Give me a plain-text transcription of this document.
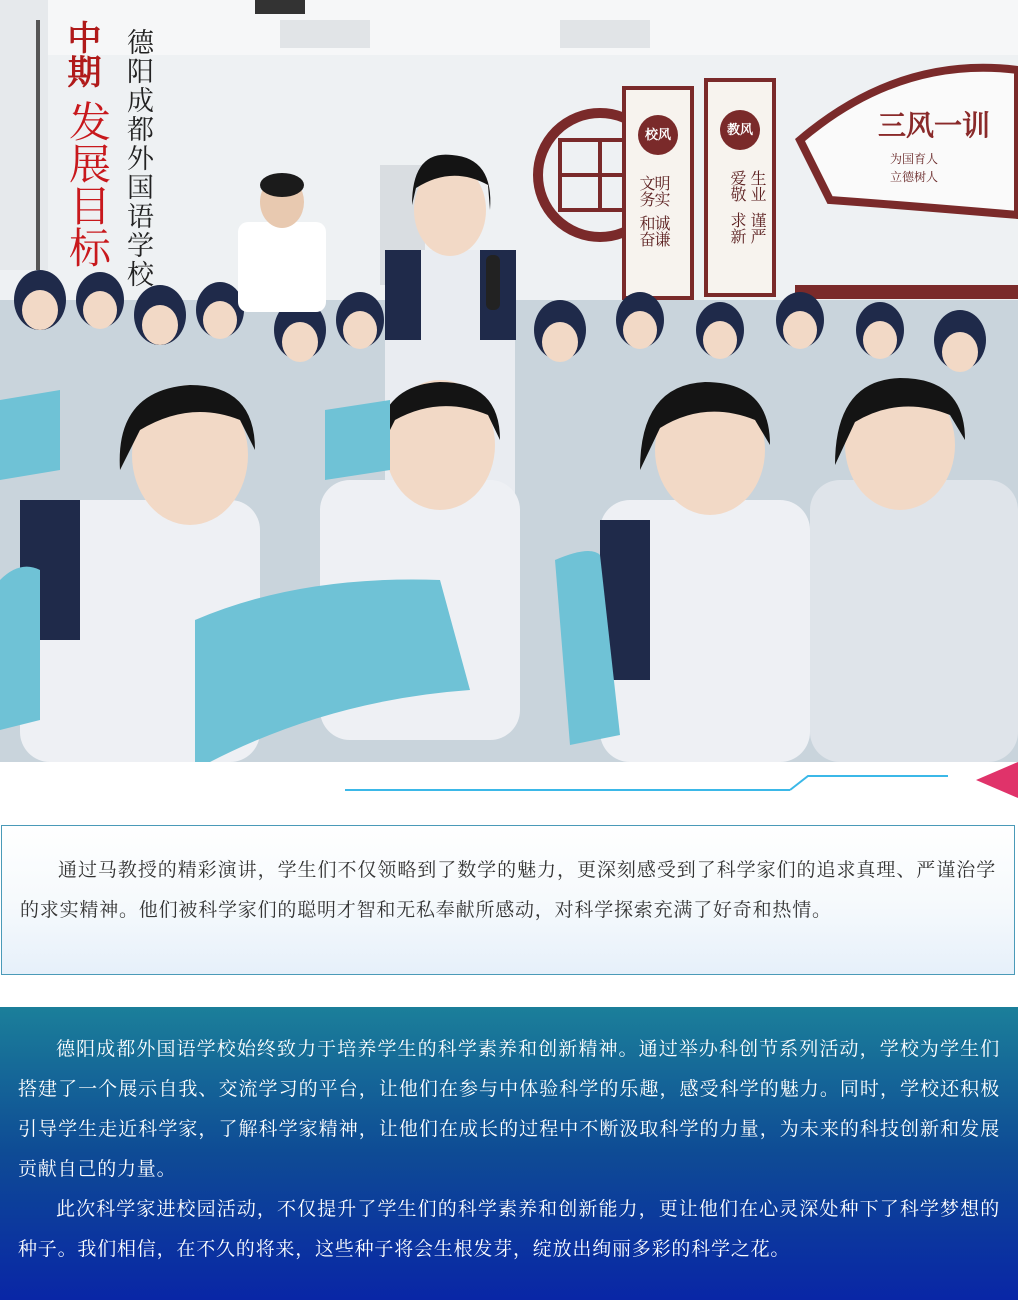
德阳成都外国语学校
中期
发展目标	校风	教风
明实
文务
诚谦
和奋
生业
爱敬
谨严
求新
三风一训
为国育人
立德树人

通过马教授的精彩演讲，学生们不仅领略到了数学的魅力，更深刻感受到了科学家们的追求真理、严谨治学的求实精神。他们被科学家们的聪明才智和无私奉献所感动，对科学探索充满了好奇和热情。

德阳成都外国语学校始终致力于培养学生的科学素养和创新精神。通过举办科创节系列活动，学校为学生们搭建了一个展示自我、交流学习的平台，让他们在参与中体验科学的乐趣，感受科学的魅力。同时，学校还积极引导学生走近科学家，了解科学家精神，让他们在成长的过程中不断汲取科学的力量，为未来的科技创新和发展贡献自己的力量。

此次科学家进校园活动，不仅提升了学生们的科学素养和创新能力，更让他们在心灵深处种下了科学梦想的种子。我们相信，在不久的将来，这些种子将会生根发芽，绽放出绚丽多彩的科学之花。
